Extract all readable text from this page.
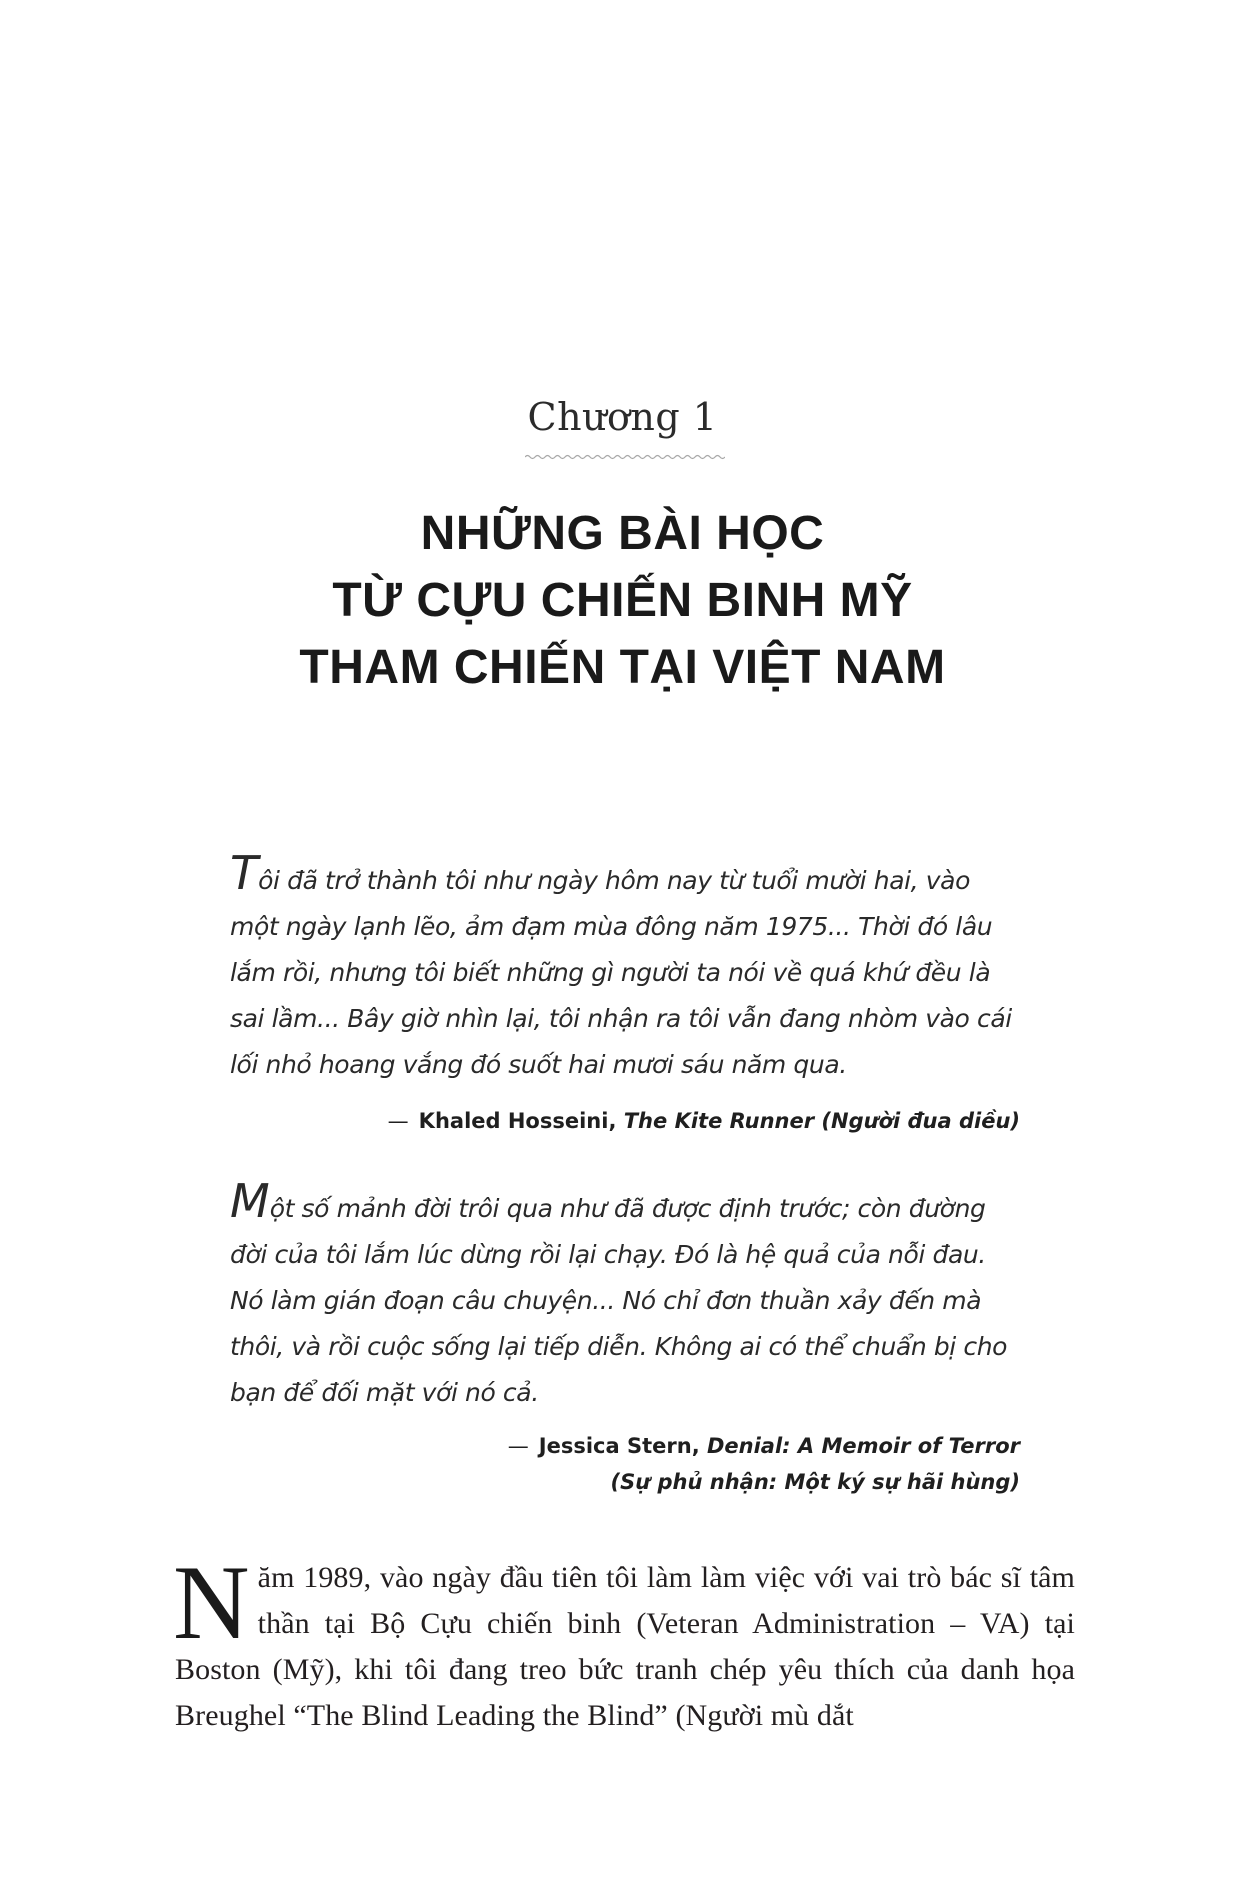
Chương 1
NHỮNG BÀI HỌC
TỪ CỰU CHIẾN BINH MỸ
THAM CHIẾN TẠI VIỆT NAM
Tôi đã trở thành tôi như ngày hôm nay từ tuổi mười hai, vào một ngày lạnh lẽo, ảm đạm mùa đông năm 1975... Thời đó lâu lắm rồi, nhưng tôi biết những gì người ta nói về quá khứ đều là sai lầm... Bây giờ nhìn lại, tôi nhận ra tôi vẫn đang nhòm vào cái lối nhỏ hoang vắng đó suốt hai mươi sáu năm qua.
— Khaled Hosseini, The Kite Runner (Người đua diều)
Một số mảnh đời trôi qua như đã được định trước; còn đường đời của tôi lắm lúc dừng rồi lại chạy. Đó là hệ quả của nỗi đau. Nó làm gián đoạn câu chuyện... Nó chỉ đơn thuần xảy đến mà thôi, và rồi cuộc sống lại tiếp diễn. Không ai có thể chuẩn bị cho bạn để đối mặt với nó cả.
— Jessica Stern, Denial: A Memoir of Terror
(Sự phủ nhận: Một ký sự hãi hùng)
Năm 1989, vào ngày đầu tiên tôi làm làm việc với vai trò bác sĩ tâm thần tại Bộ Cựu chiến binh (Veteran Administration – VA) tại Boston (Mỹ), khi tôi đang treo bức tranh chép yêu thích của danh họa Breughel “The Blind Leading the Blind” (Người mù dắt
